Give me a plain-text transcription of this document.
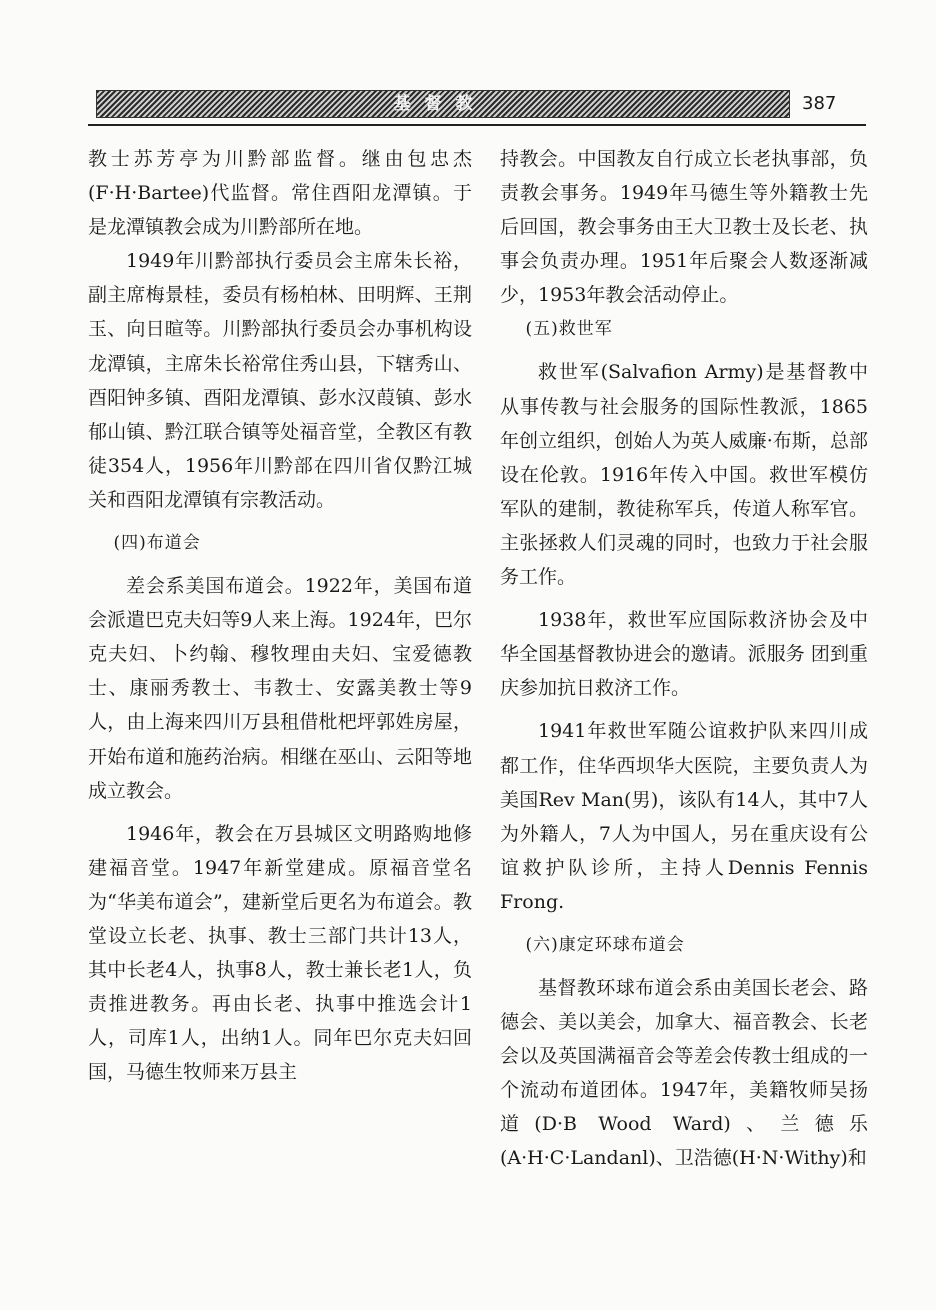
基督教	387

教士苏芳亭为川黔部监督。继由包忠杰(F·H·Bartee)代监督。常住酉阳龙潭镇。于是龙潭镇教会成为川黔部所在地。

1949年川黔部执行委员会主席朱长裕，副主席梅景桂，委员有杨柏林、田明辉、王荆玉、向日暄等。川黔部执行委员会办事机构设龙潭镇，主席朱长裕常住秀山县，下辖秀山、酉阳钟多镇、酉阳龙潭镇、彭水汉葭镇、彭水郁山镇、黔江联合镇等处福音堂，全教区有教徒354人，1956年川黔部在四川省仅黔江城关和酉阳龙潭镇有宗教活动。

(四)布道会

差会系美国布道会。1922年，美国布道会派遣巴克夫妇等9人来上海。1924年，巴尔克夫妇、卜约翰、穆牧理由夫妇、宝爱德教士、康丽秀教士、韦教士、安露美教士等9人，由上海来四川万县租借枇杷坪郭姓房屋，开始布道和施药治病。相继在巫山、云阳等地成立教会。

1946年，教会在万县城区文明路购地修建福音堂。1947年新堂建成。原福音堂名为“华美布道会”，建新堂后更名为布道会。教堂设立长老、执事、教士三部门共计13人，其中长老4人，执事8人，教士兼长老1人，负责推进教务。再由长老、执事中推选会计1人，司库1人，出纳1人。同年巴尔克夫妇回国，马德生牧师来万县主

持教会。中国教友自行成立长老执事部，负责教会事务。1949年马德生等外籍教士先后回国，教会事务由王大卫教士及长老、执事会负责办理。1951年后聚会人数逐渐减少，1953年教会活动停止。

(五)救世军

救世军(Salvafion Army)是基督教中从事传教与社会服务的国际性教派，1865年创立组织，创始人为英人威廉·布斯，总部设在伦敦。1916年传入中国。救世军模仿军队的建制，教徒称军兵，传道人称军官。主张拯救人们灵魂的同时，也致力于社会服务工作。

1938年，救世军应国际救济协会及中华全国基督教协进会的邀请。派服务 团到重庆参加抗日救济工作。

1941年救世军随公谊救护队来四川成都工作，住华西坝华大医院，主要负责人为美国Rev Man(男)，该队有14人，其中7人为外籍人，7人为中国人，另在重庆设有公谊救护队诊所，主持人Dennis Fennis Frong.

(六)康定环球布道会

基督教环球布道会系由美国长老会、路德会、美以美会，加拿大、福音教会、长老会以及英国满福音会等差会传教士组成的一个流动布道团体。1947年，美籍牧师吴扬道(D·B Wood Ward)、兰德乐(A·H·C·Landanl)、卫浩德(H·N·Withy)和
